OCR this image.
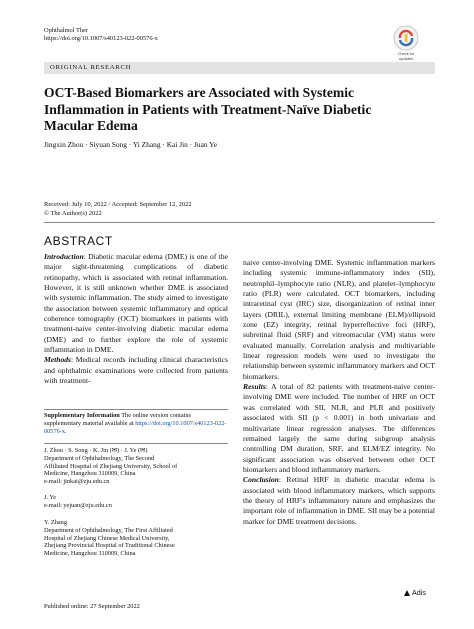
Ophthalmol Ther
https://doi.org/10.1007/s40123-022-00576-x
Check for
updates
ORIGINAL RESEARCH
OCT-Based Biomarkers are Associated with Systemic Inflammation in Patients with Treatment-Naïve Diabetic Macular Edema
Jingxin Zhou · Siyuan Song · Yi Zhang · Kai Jin · Juan Ye
Received: July 10, 2022 / Accepted: September 12, 2022
© The Author(s) 2022
ABSTRACT

Introduction: Diabetic macular edema (DME) is one of the major sight-threatening complications of diabetic retinopathy, which is associated with retinal inflammation. However, it is still unknown whether DME is associated with systemic inflammation. The study aimed to investigate the association between systemic inflammatory and optical coherence tomography (OCT) biomarkers in patients with treatment-naive center-involving diabetic macular edema (DME) and to further explore the role of systemic inflammation in DME.

Methods: Medical records including clinical characteristics and ophthalmic examinations were collected from patients with treatment-

naive center-involving DME. Systemic inflammation markers including systemic immune-inflammatory index (SII), neutrophil–lymphocyte ratio (NLR), and platelet–lymphocyte ratio (PLR) were calculated. OCT biomarkers, including intraretinal cyst (IRC) size, disorganization of retinal inner layers (DRIL), external limiting membrane (ELM)/ellipsoid zone (EZ) integrity, retinal hyperreflective foci (HRF), subretinal fluid (SRF) and vitreomacular (VM) status were evaluated manually. Correlation analysis and multivariable linear regression models were used to investigate the relationship between systemic inflammatory markers and OCT biomarkers.

Results: A total of 82 patients with treatment-naive center-involving DME were included. The number of HRF on OCT was correlated with SII, NLR, and PLR and positively associated with SII (p < 0.001) in both univariate and multivariate linear regression analyses. The differences remained largely the same during subgroup analysis controlling DM duration, SRF, and ELM/EZ integrity. No significant association was observed between other OCT biomarkers and blood inflammatory markers.

Conclusion: Retinal HRF in diabetic macular edema is associated with blood inflammatory markers, which supports the theory of HRF's inflammatory nature and emphasizes the important role of inflammation in DME. SII may be a potential marker for DME treatment decisions.

Supplementary Information The online version contains supplementary material available at https://doi.org/10.1007/s40123-022-00576-x.
J. Zhou · S. Song · K. Jin (✉) · J. Ye (✉)
Department of Ophthalmology, The Second
Affiliated Hospital of Zhejiang University, School of
Medicine, Hangzhou 310009, China
e-mail: jinkai@zju.edu.cn
J. Ye
e-mail: yejuan@zju.edu.cn
Y. Zhang
Department of Ophthalmology, The First Affiliated
Hospital of Zhejiang Chinese Medical University,
Zhejiang Provincial Hospital of Traditional Chinese
Medicine, Hangzhou 310009, China
Adis
Published online: 27 September 2022
